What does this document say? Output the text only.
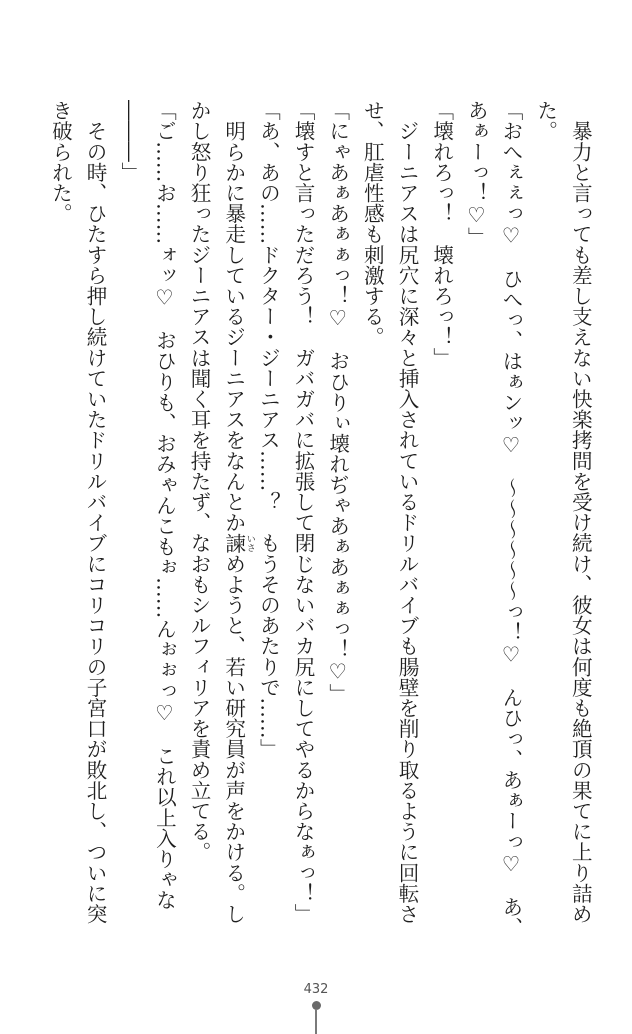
　暴力と言っても差し支えない快楽拷問を受け続け、彼女は何度も絶頂の果てに上り詰め
た。
「おへぇぇっ♡　ひへっ、はぁンッ♡　～～～～～～っ！♡　んひっ、あぁーっ♡　あ、
あぁーっ！♡」
「壊れろっ！　壊れろっ！」
　ジーニアスは尻穴に深々と挿入されているドリルバイブも腸壁を削り取るように回転さ
せ、肛虐性感も刺激する。
「にゃあぁあぁぁっ！♡　おひりぃ壊れぢゃあぁあぁぁっ！♡」
「壊すと言っただろう！　ガバガバに拡張して閉じないバカ尻にしてやるからなぁっ！」
「あ、あの……ドクター・ジーニアス……？　もうそのあたりで……」
　明らかに暴走しているジーニアスをなんとか諫 いさ
めようと、若い研究員が声をかける。し
かし怒り狂ったジーニアスは聞く耳を持たず、なおもシルフィリアを責め立てる。
「ご……お……ォッ♡　おひりも、おみゃんこもぉ……んぉぉっ♡　これ以上入りゃな
―――」
　その時、ひたすら押し続けていたドリルバイブにコリコリの子宮口が敗北し、ついに突
き破られた。
432
